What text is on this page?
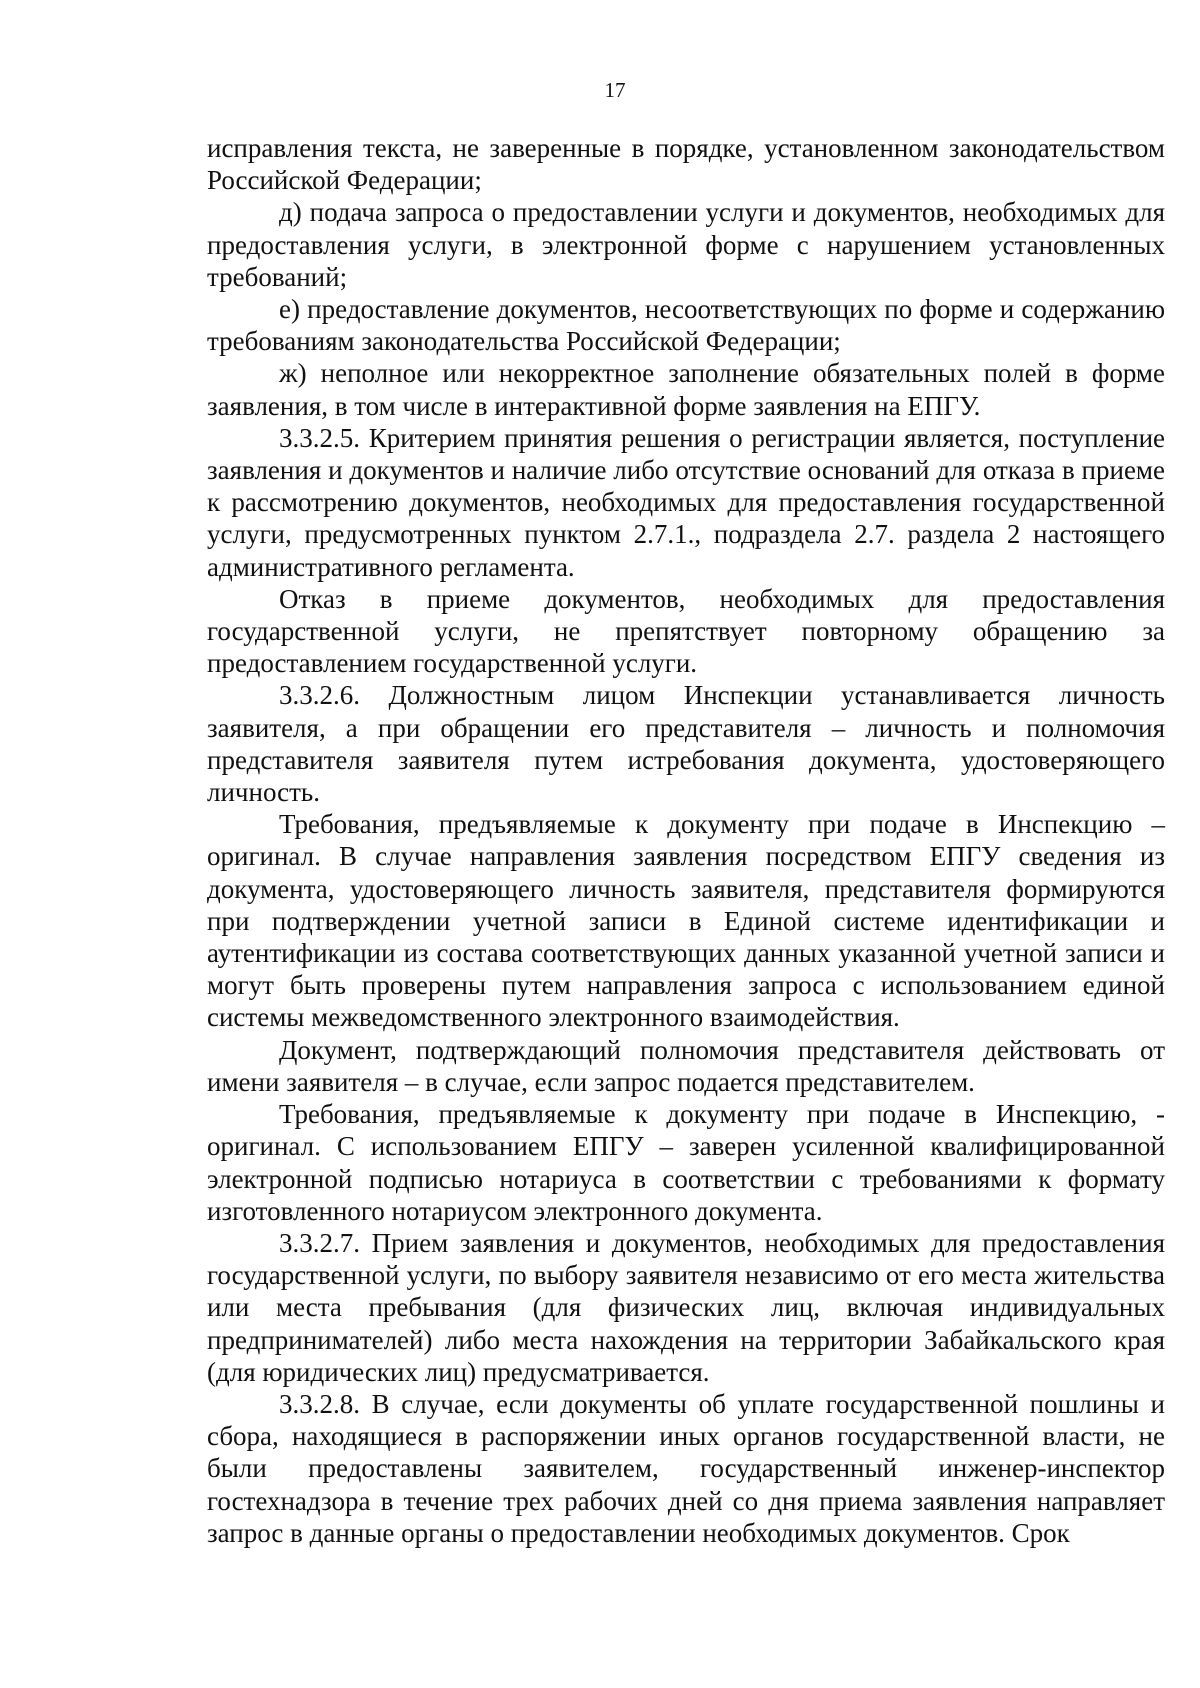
17

исправления текста, не заверенные в порядке, установленном законодательством Российской Федерации;

д) подача запроса о предоставлении услуги и документов, необходимых для предоставления услуги, в электронной форме с нарушением установленных требований;

е) предоставление документов, несоответствующих по форме и содержанию требованиям законодательства Российской Федерации;

ж) неполное или некорректное заполнение обязательных полей в форме заявления, в том числе в интерактивной форме заявления на ЕПГУ.

3.3.2.5. Критерием принятия решения о регистрации является, поступление заявления и документов и наличие либо отсутствие оснований для отказа в приеме к рассмотрению документов, необходимых для предоставления государственной услуги, предусмотренных пунктом 2.7.1., подраздела 2.7. раздела 2 настоящего административного регламента.

Отказ в приеме документов, необходимых для предоставления государственной услуги, не препятствует повторному обращению за предоставлением государственной услуги.

3.3.2.6. Должностным лицом Инспекции устанавливается личность заявителя, а при обращении его представителя – личность и полномочия представителя заявителя путем истребования документа, удостоверяющего личность.

Требования, предъявляемые к документу при подаче в Инспекцию – оригинал. В случае направления заявления посредством ЕПГУ сведения из документа, удостоверяющего личность заявителя, представителя формируются при подтверждении учетной записи в Единой системе идентификации и аутентификации из состава соответствующих данных указанной учетной записи и могут быть проверены путем направления запроса с использованием единой системы межведомственного электронного взаимодействия.

Документ, подтверждающий полномочия представителя действовать от имени заявителя – в случае, если запрос подается представителем.

Требования, предъявляемые к документу при подаче в Инспекцию, - оригинал. С использованием ЕПГУ – заверен усиленной квалифицированной электронной подписью нотариуса в соответствии с требованиями к формату изготовленного нотариусом электронного документа.

3.3.2.7. Прием заявления и документов, необходимых для предоставления государственной услуги, по выбору заявителя независимо от его места жительства или места пребывания (для физических лиц, включая индивидуальных предпринимателей) либо места нахождения на территории Забайкальского края (для юридических лиц) предусматривается.

3.3.2.8. В случае, если документы об уплате государственной пошлины и сбора, находящиеся в распоряжении иных органов государственной власти, не были предоставлены заявителем, государственный инженер-инспектор гостехнадзора в течение трех рабочих дней со дня приема заявления направляет запрос в данные органы о предоставлении необходимых документов. Срок
